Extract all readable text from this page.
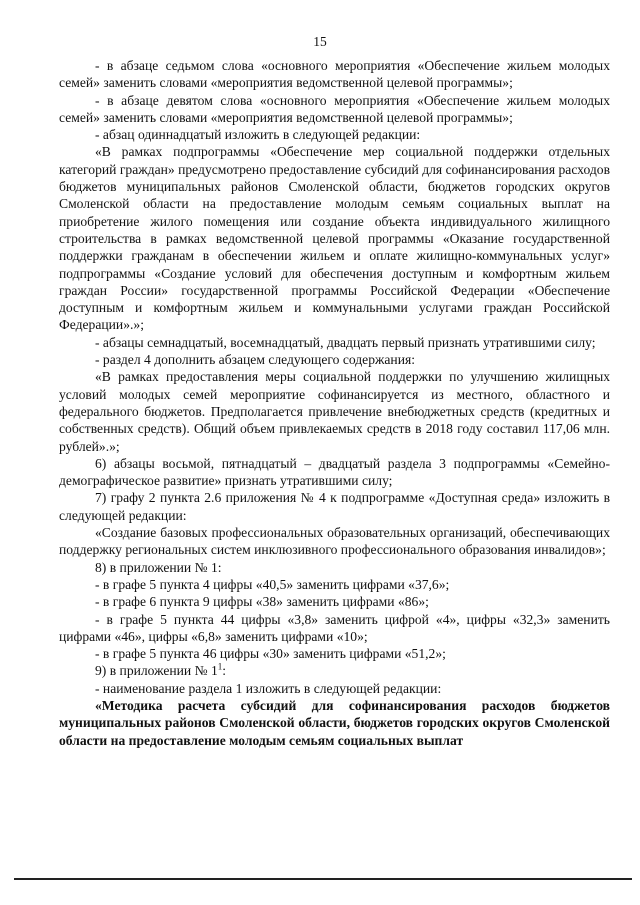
15

- в абзаце седьмом слова «основного мероприятия «Обеспечение жильем молодых семей» заменить словами «мероприятия ведомственной целевой программы»;

- в абзаце девятом слова «основного мероприятия «Обеспечение жильем молодых семей» заменить словами «мероприятия ведомственной целевой программы»;

- абзац одиннадцатый изложить в следующей редакции:

«В рамках подпрограммы «Обеспечение мер социальной поддержки отдельных категорий граждан» предусмотрено предоставление субсидий для софинансирования расходов бюджетов муниципальных районов Смоленской области, бюджетов городских округов Смоленской области на предоставление молодым семьям социальных выплат на приобретение жилого помещения или создание объекта индивидуального жилищного строительства в рамках ведомственной целевой программы «Оказание государственной поддержки гражданам в обеспечении жильем и оплате жилищно-коммунальных услуг» подпрограммы «Создание условий для обеспечения доступным и комфортным жильем граждан России» государственной программы Российской Федерации «Обеспечение доступным и комфортным жильем и коммунальными услугами граждан Российской Федерации».»;

- абзацы семнадцатый, восемнадцатый, двадцать первый признать утратившими силу;

- раздел 4 дополнить абзацем следующего содержания:

«В рамках предоставления меры социальной поддержки по улучшению жилищных условий молодых семей мероприятие софинансируется из местного, областного и федерального бюджетов. Предполагается привлечение внебюджетных средств (кредитных и собственных средств). Общий объем привлекаемых средств в 2018 году составил 117,06 млн. рублей».»;

6) абзацы восьмой, пятнадцатый – двадцатый раздела 3 подпрограммы «Семейно-демографическое развитие» признать утратившими силу;

7) графу 2 пункта 2.6 приложения № 4 к подпрограмме «Доступная среда» изложить в следующей редакции:

«Создание базовых профессиональных образовательных организаций, обеспечивающих поддержку региональных систем инклюзивного профессионального образования инвалидов»;

8) в приложении № 1:

- в графе 5 пункта 4 цифры «40,5» заменить цифрами «37,6»;

- в графе 6 пункта 9 цифры «38» заменить цифрами «86»;

- в графе 5 пункта 44 цифры «3,8» заменить цифрой «4», цифры «32,3» заменить цифрами «46», цифры «6,8» заменить цифрами «10»;

- в графе 5 пункта 46 цифры «30» заменить цифрами «51,2»;

9) в приложении № $1^1$:

- наименование раздела 1 изложить в следующей редакции:

«Методика расчета субсидий для софинансирования расходов бюджетов муниципальных районов Смоленской области, бюджетов городских округов Смоленской области на предоставление молодым семьям социальных выплат
